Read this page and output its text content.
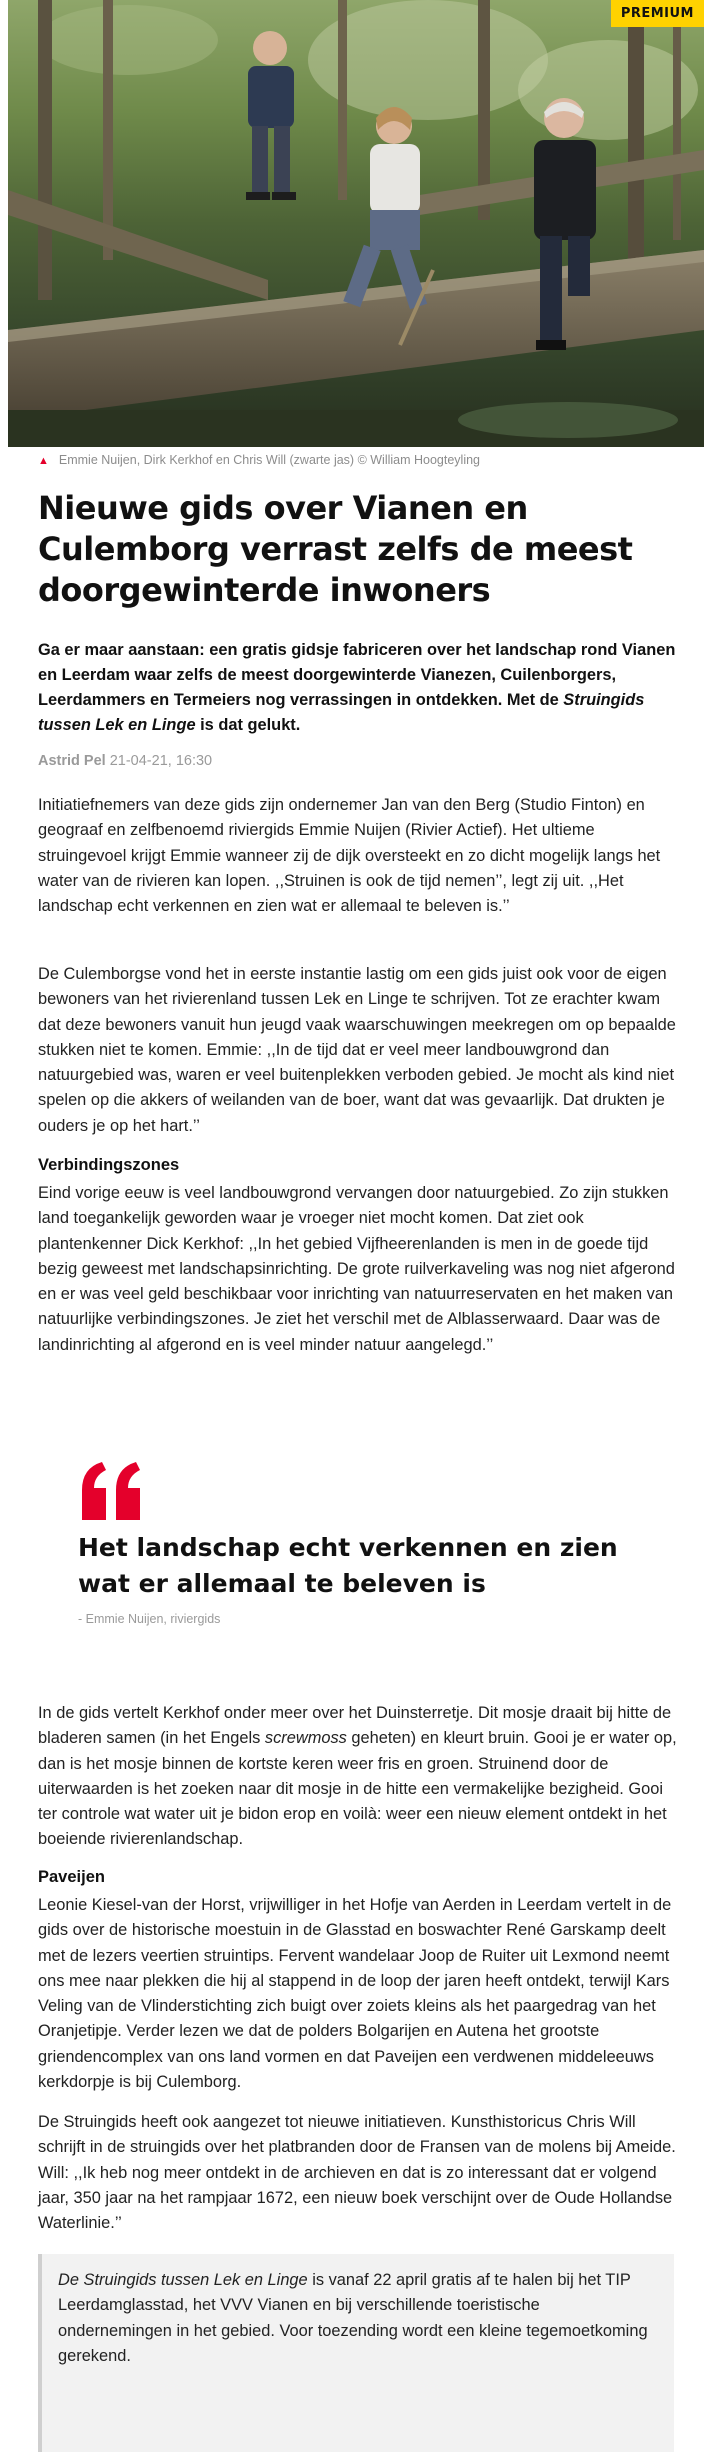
PREMIUM
▲ Emmie Nuijen, Dirk Kerkhof en Chris Will (zwarte jas) © William Hoogteyling
Nieuwe gids over Vianen en Culemborg verrast zelfs de meest doorgewinterde inwoners

Ga er maar aanstaan: een gratis gidsje fabriceren over het landschap rond Vianen en Leerdam waar zelfs de meest doorgewinterde Vianezen, Cuilenborgers, Leerdammers en Termeiers nog verrassingen in ontdekken. Met de Struingids tussen Lek en Linge is dat gelukt.

Astrid Pel 21-04-21, 16:30

Initiatiefnemers van deze gids zijn ondernemer Jan van den Berg (Studio Finton) en geograaf en zelfbenoemd riviergids Emmie Nuijen (Rivier Actief). Het ultieme struingevoel krijgt Emmie wanneer zij de dijk oversteekt en zo dicht mogelijk langs het water van de rivieren kan lopen. ,,Struinen is ook de tijd nemen’’, legt zij uit. ,,Het landschap echt verkennen en zien wat er allemaal te beleven is.’’

De Culemborgse vond het in eerste instantie lastig om een gids juist ook voor de eigen bewoners van het rivierenland tussen Lek en Linge te schrijven. Tot ze erachter kwam dat deze bewoners vanuit hun jeugd vaak waarschuwingen meekregen om op bepaalde stukken niet te komen. Emmie: ,,In de tijd dat er veel meer landbouwgrond dan natuurgebied was, waren er veel buitenplekken verboden gebied. Je mocht als kind niet spelen op die akkers of weilanden van de boer, want dat was gevaarlijk. Dat drukten je ouders je op het hart.’’

Verbindingszones

Eind vorige eeuw is veel landbouwgrond vervangen door natuurgebied. Zo zijn stukken land toegankelijk geworden waar je vroeger niet mocht komen. Dat ziet ook plantenkenner Dick Kerkhof: ,,In het gebied Vijfheerenlanden is men in de goede tijd bezig geweest met landschapsinrichting. De grote ruilverkaveling was nog niet afgerond en er was veel geld beschikbaar voor inrichting van natuurreservaten en het maken van natuurlijke verbindingszones. Je ziet het verschil met de Alblasserwaard. Daar was de landinrichting al afgerond en is veel minder natuur aangelegd.’’

Het landschap echt verkennen en zien wat er allemaal te beleven is

- Emmie Nuijen, riviergids

In de gids vertelt Kerkhof onder meer over het Duinsterretje. Dit mosje draait bij hitte de bladeren samen (in het Engels screwmoss geheten) en kleurt bruin. Gooi je er water op, dan is het mosje binnen de kortste keren weer fris en groen. Struinend door de uiterwaarden is het zoeken naar dit mosje in de hitte een vermakelijke bezigheid. Gooi ter controle wat water uit je bidon erop en voilà: weer een nieuw element ontdekt in het boeiende rivierenlandschap.

Paveijen

Leonie Kiesel-van der Horst, vrijwilliger in het Hofje van Aerden in Leerdam vertelt in de gids over de historische moestuin in de Glasstad en boswachter René Garskamp deelt met de lezers veertien struintips. Fervent wandelaar Joop de Ruiter uit Lexmond neemt ons mee naar plekken die hij al stappend in de loop der jaren heeft ontdekt, terwijl Kars Veling van de Vlinderstichting zich buigt over zoiets kleins als het paargedrag van het Oranjetipje. Verder lezen we dat de polders Bolgarijen en Autena het grootste griendencomplex van ons land vormen en dat Paveijen een verdwenen middeleeuws kerkdorpje is bij Culemborg.

De Struingids heeft ook aangezet tot nieuwe initiatieven. Kunsthistoricus Chris Will schrijft in de struingids over het platbranden door de Fransen van de molens bij Ameide. Will: ,,Ik heb nog meer ontdekt in de archieven en dat is zo interessant dat er volgend jaar, 350 jaar na het rampjaar 1672, een nieuw boek verschijnt over de Oude Hollandse Waterlinie.’’

De Struingids tussen Lek en Linge is vanaf 22 april gratis af te halen bij het TIP Leerdamglasstad, het VVV Vianen en bij verschillende toeristische ondernemingen in het gebied. Voor toezending wordt een kleine tegemoetkoming gerekend.
